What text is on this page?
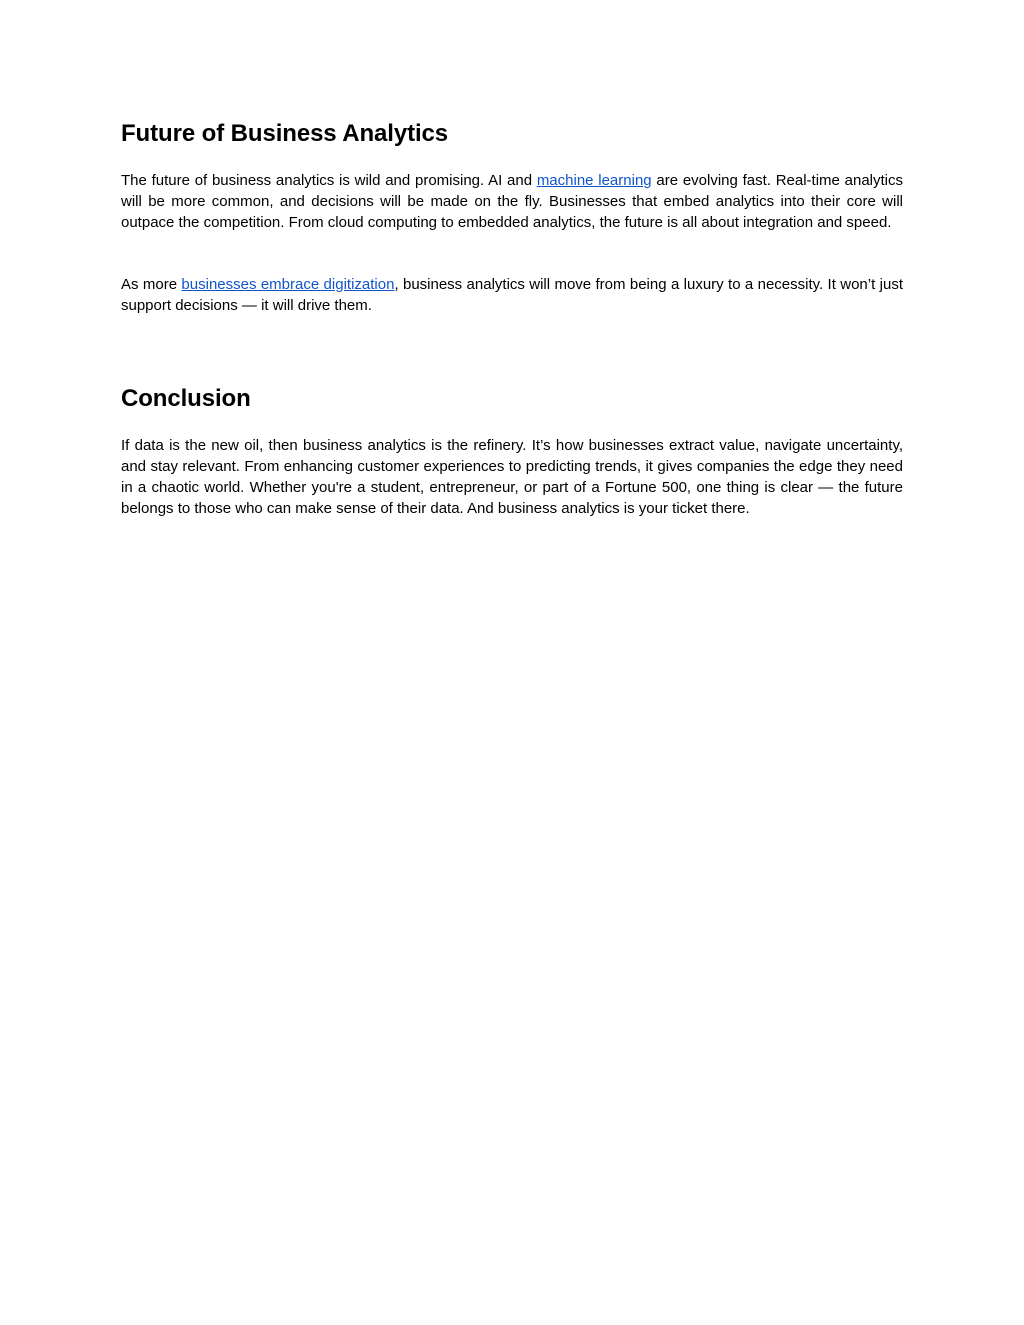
Future of Business Analytics

The future of business analytics is wild and promising. AI and machine learning are evolving fast. Real-time analytics will be more common, and decisions will be made on the fly. Businesses that embed analytics into their core will outpace the competition. From cloud computing to embedded analytics, the future is all about integration and speed.

As more businesses embrace digitization, business analytics will move from being a luxury to a necessity. It won’t just support decisions — it will drive them.

Conclusion

If data is the new oil, then business analytics is the refinery. It’s how businesses extract value, navigate uncertainty, and stay relevant. From enhancing customer experiences to predicting trends, it gives companies the edge they need in a chaotic world. Whether you're a student, entrepreneur, or part of a Fortune 500, one thing is clear — the future belongs to those who can make sense of their data. And business analytics is your ticket there.
